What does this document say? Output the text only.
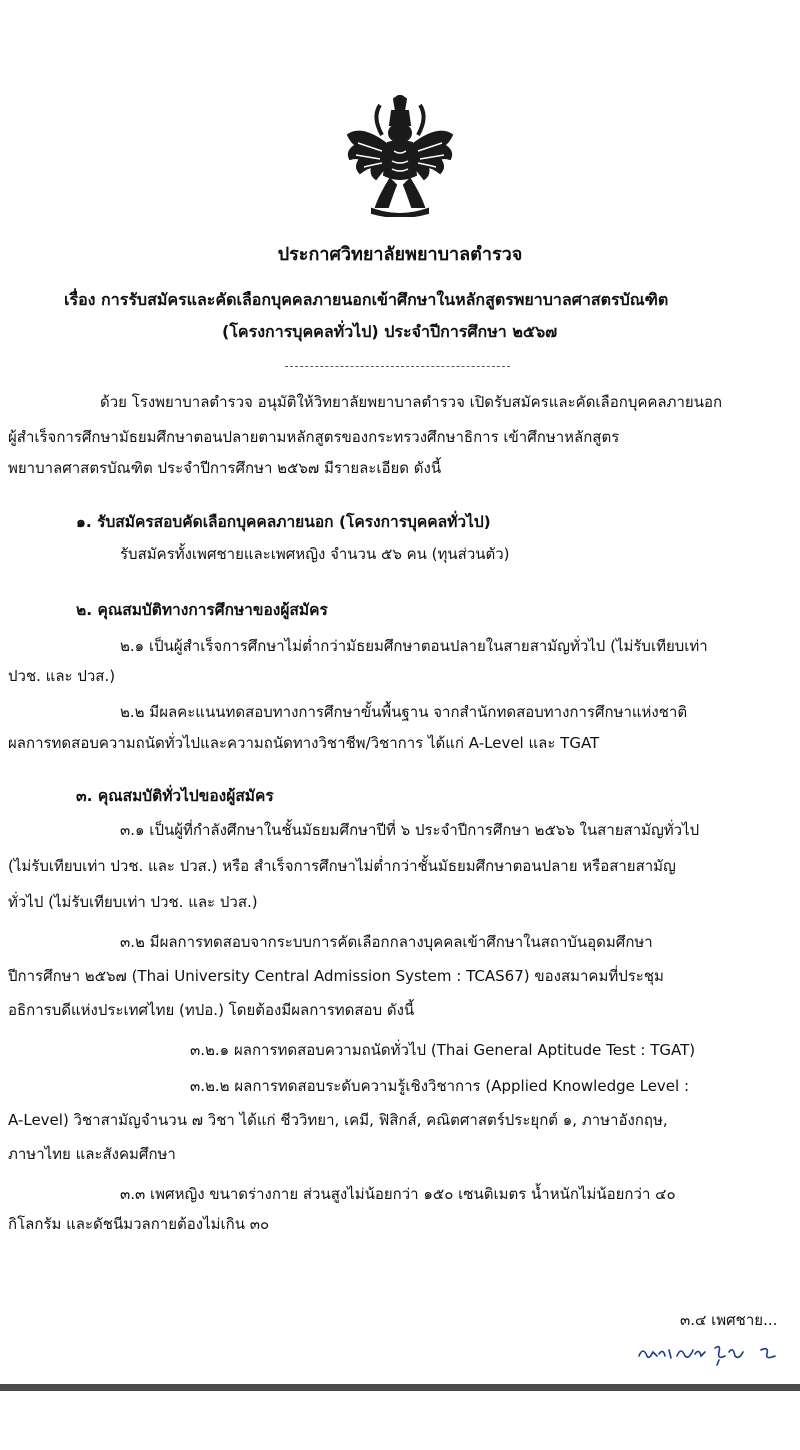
ประกาศวิทยาลัยพยาบาลตำรวจ
เรื่อง การรับสมัครและคัดเลือกบุคคลภายนอกเข้าศึกษาในหลักสูตรพยาบาลศาสตรบัณฑิต
(โครงการบุคคลทั่วไป) ประจำปีการศึกษา ๒๕๖๗
ด้วย โรงพยาบาลตำรวจ อนุมัติให้วิทยาลัยพยาบาลตำรวจ เปิดรับสมัครและคัดเลือกบุคคลภายนอก
ผู้สำเร็จการศึกษามัธยมศึกษาตอนปลายตามหลักสูตรของกระทรวงศึกษาธิการ เข้าศึกษาหลักสูตร
พยาบาลศาสตรบัณฑิต ประจำปีการศึกษา ๒๕๖๗ มีรายละเอียด ดังนี้
๑. รับสมัครสอบคัดเลือกบุคคลภายนอก (โครงการบุคคลทั่วไป)
รับสมัครทั้งเพศชายและเพศหญิง จำนวน ๕๖ คน (ทุนส่วนตัว)
๒. คุณสมบัติทางการศึกษาของผู้สมัคร
๒.๑ เป็นผู้สำเร็จการศึกษาไม่ต่ำกว่ามัธยมศึกษาตอนปลายในสายสามัญทั่วไป (ไม่รับเทียบเท่า
ปวช. และ ปวส.)
๒.๒ มีผลคะแนนทดสอบทางการศึกษาขั้นพื้นฐาน จากสำนักทดสอบทางการศึกษาแห่งชาติ
ผลการทดสอบความถนัดทั่วไปและความถนัดทางวิชาชีพ/วิชาการ ได้แก่ A-Level และ TGAT
๓. คุณสมบัติทั่วไปของผู้สมัคร
๓.๑ เป็นผู้ที่กำลังศึกษาในชั้นมัธยมศึกษาปีที่ ๖ ประจำปีการศึกษา ๒๕๖๖ ในสายสามัญทั่วไป
(ไม่รับเทียบเท่า ปวช. และ ปวส.) หรือ สำเร็จการศึกษาไม่ต่ำกว่าชั้นมัธยมศึกษาตอนปลาย หรือสายสามัญ
ทั่วไป (ไม่รับเทียบเท่า ปวช. และ ปวส.)
๓.๒ มีผลการทดสอบจากระบบการคัดเลือกกลางบุคคลเข้าศึกษาในสถาบันอุดมศึกษา
ปีการศึกษา ๒๕๖๗ (Thai University Central Admission System : TCAS67) ของสมาคมที่ประชุม
อธิการบดีแห่งประเทศไทย (ทปอ.) โดยต้องมีผลการทดสอบ ดังนี้
๓.๒.๑ ผลการทดสอบความถนัดทั่วไป (Thai General Aptitude Test : TGAT)
๓.๒.๒ ผลการทดสอบระดับความรู้เชิงวิชาการ (Applied Knowledge Level :
A-Level) วิชาสามัญจำนวน ๗ วิชา ได้แก่ ชีววิทยา, เคมี, ฟิสิกส์, คณิตศาสตร์ประยุกต์ ๑, ภาษาอังกฤษ,
ภาษาไทย และสังคมศึกษา
๓.๓ เพศหญิง ขนาดร่างกาย ส่วนสูงไม่น้อยกว่า ๑๕๐ เซนติเมตร น้ำหนักไม่น้อยกว่า ๔๐
กิโลกรัม และดัชนีมวลกายต้องไม่เกิน ๓๐
๓.๔ เพศชาย...
